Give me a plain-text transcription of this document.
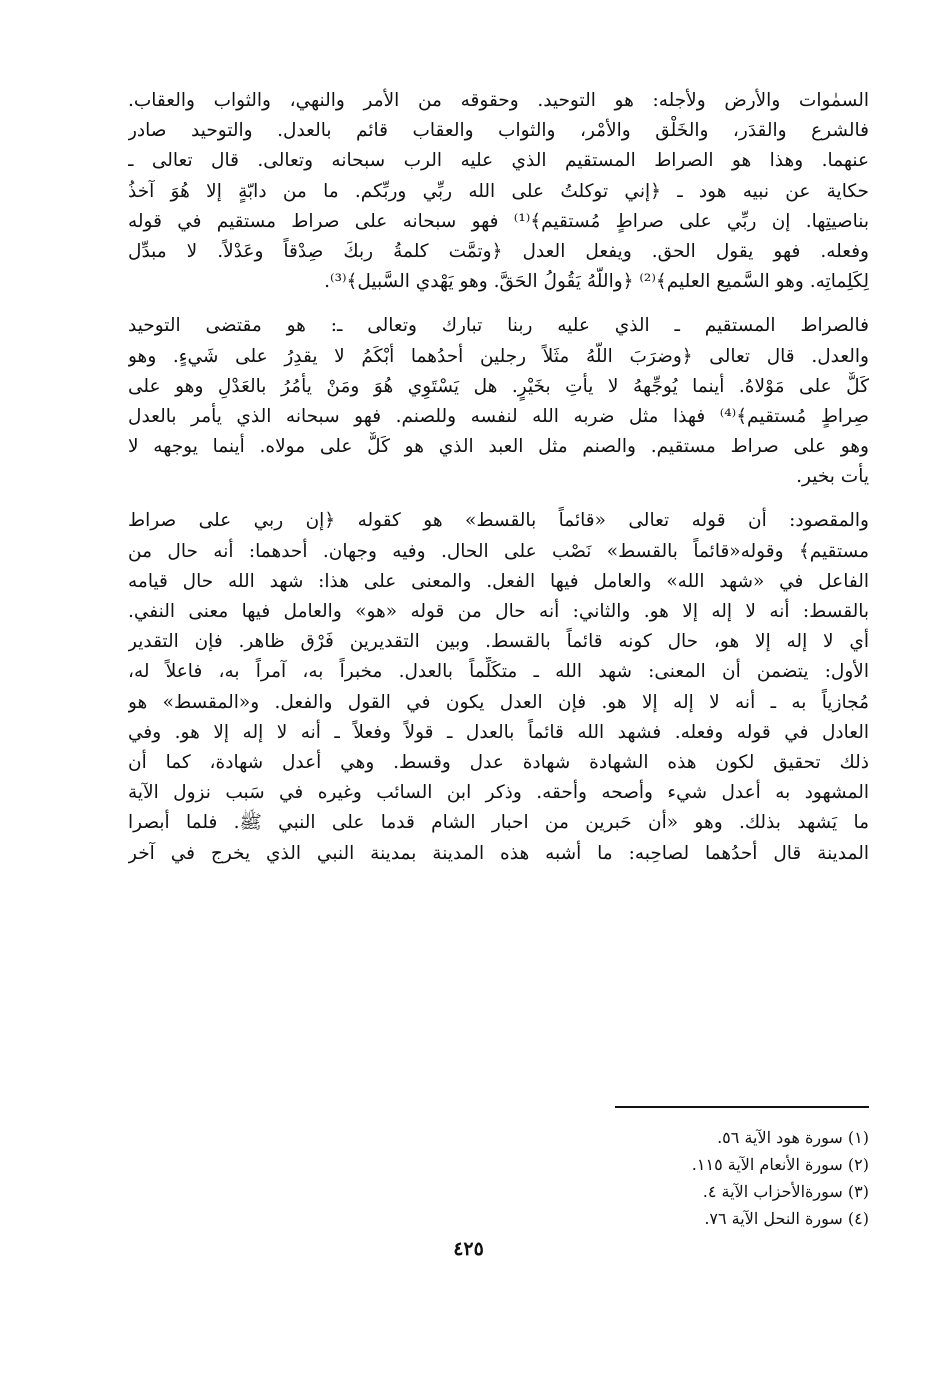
السمٰوات والأرض ولأجله: هو التوحيد. وحقوقه من الأمر والنهي، والثواب والعقاب.
فالشرع والقدَر، والخَلْق والأمْر، والثواب والعقاب قائم بالعدل. والتوحيد صادر
عنهما. وهذا هو الصراط المستقيم الذي عليه الرب سبحانه وتعالى. قال تعالى ـ
حكاية عن نبيه هود ـ ﴿إني توكلتُ على الله ربِّي وربِّكم. ما من دابّةٍ إلا هُوَ آخذُ
بناصيتِها. إن ربِّي على صراطٍ مُستقيم﴾⁽¹⁾ فهو سبحانه على صراط مستقيم في قوله
وفعله. فهو يقول الحق. ويفعل العدل ﴿وتمَّت كلمةُ ربكَ صِدْقاً وعَدْلاً. لا مبدِّل
لِكَلِماتِه. وهو السَّميع العليم﴾⁽²⁾ ﴿واللَّهُ يَقُولُ الحَقَّ. وهو يَهْدي السَّبيل﴾⁽³⁾.
فالصراط المستقيم ـ الذي عليه ربنا تبارك وتعالى ـ: هو مقتضى التوحيد
والعدل. قال تعالى ﴿وضرَبَ اللَّهُ مثَلاً رجلين أحدُهما أبْكَمُ لا يقدِرُ على شَيءٍ. وهو
كَلٌّ على مَوْلاهُ. أينما يُوجِّههُ لا يأتِ بخَيْرٍ. هل يَسْتَوِي هُوَ ومَنْ يأمُرُ بالعَدْلِ وهو على
صِراطٍ مُستقيم﴾⁽⁴⁾ فهذا مثل ضربه الله لنفسه وللصنم. فهو سبحانه الذي يأمر بالعدل
وهو على صراط مستقيم. والصنم مثل العبد الذي هو كَلٌّ على مولاه. أينما يوجهه لا
يأت بخير.
والمقصود: أن قوله تعالى «قائماً بالقسط» هو كقوله ﴿إن ربي على صراط
مستقيم﴾ وقوله«قائماً بالقسط» نَصْب على الحال. وفيه وجهان. أحدهما: أنه حال من
الفاعل في «شهد الله» والعامل فيها الفعل. والمعنى على هذا: شهد الله حال قيامه
بالقسط: أنه لا إله إلا هو. والثاني: أنه حال من قوله «هو» والعامل فيها معنى النفي.
أي لا إله إلا هو، حال كونه قائماً بالقسط. وبين التقديرين فَرْق ظاهر. فإن التقدير
الأول: يتضمن أن المعنى: شهد الله ـ متكَلِّماً بالعدل. مخبراً به، آمراً به، فاعلاً له،
مُجازياً به ـ أنه لا إله إلا هو. فإن العدل يكون في القول والفعل. و«المقسط» هو
العادل في قوله وفعله. فشهد الله قائماً بالعدل ـ قولاً وفعلاً ـ أنه لا إله إلا هو. وفي
ذلك تحقيق لكون هذه الشهادة شهادة عدل وقسط. وهي أعدل شهادة، كما أن
المشهود به أعدل شيء وأصحه وأحقه. وذكر ابن السائب وغيره في سَبب نزول الآية
ما يَشهد بذلك. وهو «أن حَبرين من احبار الشام قدما على النبي ﷺ. فلما أبصرا
المدينة قال أحدُهما لصاحِبه: ما أشبه هذه المدينة بمدينة النبي الذي يخرج في آخر
(١) سورة هود الآية ٥٦.
(٢) سورة الأنعام الآية ١١٥.
(٣) سورةالأحزاب الآية ٤.
(٤) سورة النحل الآية ٧٦.
٤٢٥
